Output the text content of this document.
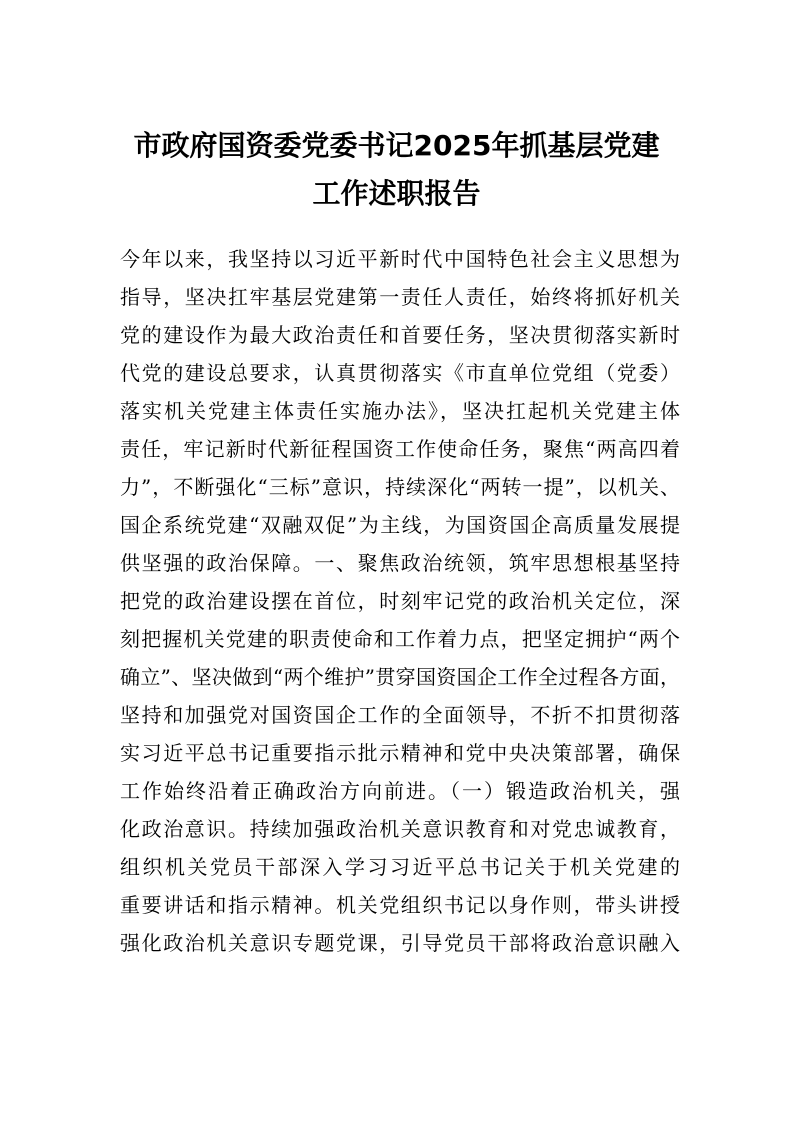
市政府国资委党委书记2025年抓基层党建
工作述职报告
今年以来，我坚持以习近平新时代中国特色社会主义思想为
指导，坚决扛牢基层党建第一责任人责任，始终将抓好机关
党的建设作为最大政治责任和首要任务，坚决贯彻落实新时
代党的建设总要求，认真贯彻落实《市直单位党组（党委）
落实机关党建主体责任实施办法》，坚决扛起机关党建主体
责任，牢记新时代新征程国资工作使命任务，聚焦“两高四着
力”，不断强化“三标”意识，持续深化“两转一提”，以机关、
国企系统党建“双融双促”为主线，为国资国企高质量发展提
供坚强的政治保障。一、聚焦政治统领，筑牢思想根基坚持
把党的政治建设摆在首位，时刻牢记党的政治机关定位，深
刻把握机关党建的职责使命和工作着力点，把坚定拥护“两个
确立”、坚决做到“两个维护”贯穿国资国企工作全过程各方面，
坚持和加强党对国资国企工作的全面领导，不折不扣贯彻落
实习近平总书记重要指示批示精神和党中央决策部署，确保
工作始终沿着正确政治方向前进。（一）锻造政治机关，强
化政治意识。持续加强政治机关意识教育和对党忠诚教育，
组织机关党员干部深入学习习近平总书记关于机关党建的
重要讲话和指示精神。机关党组织书记以身作则，带头讲授
强化政治机关意识专题党课，引导党员干部将政治意识融入
